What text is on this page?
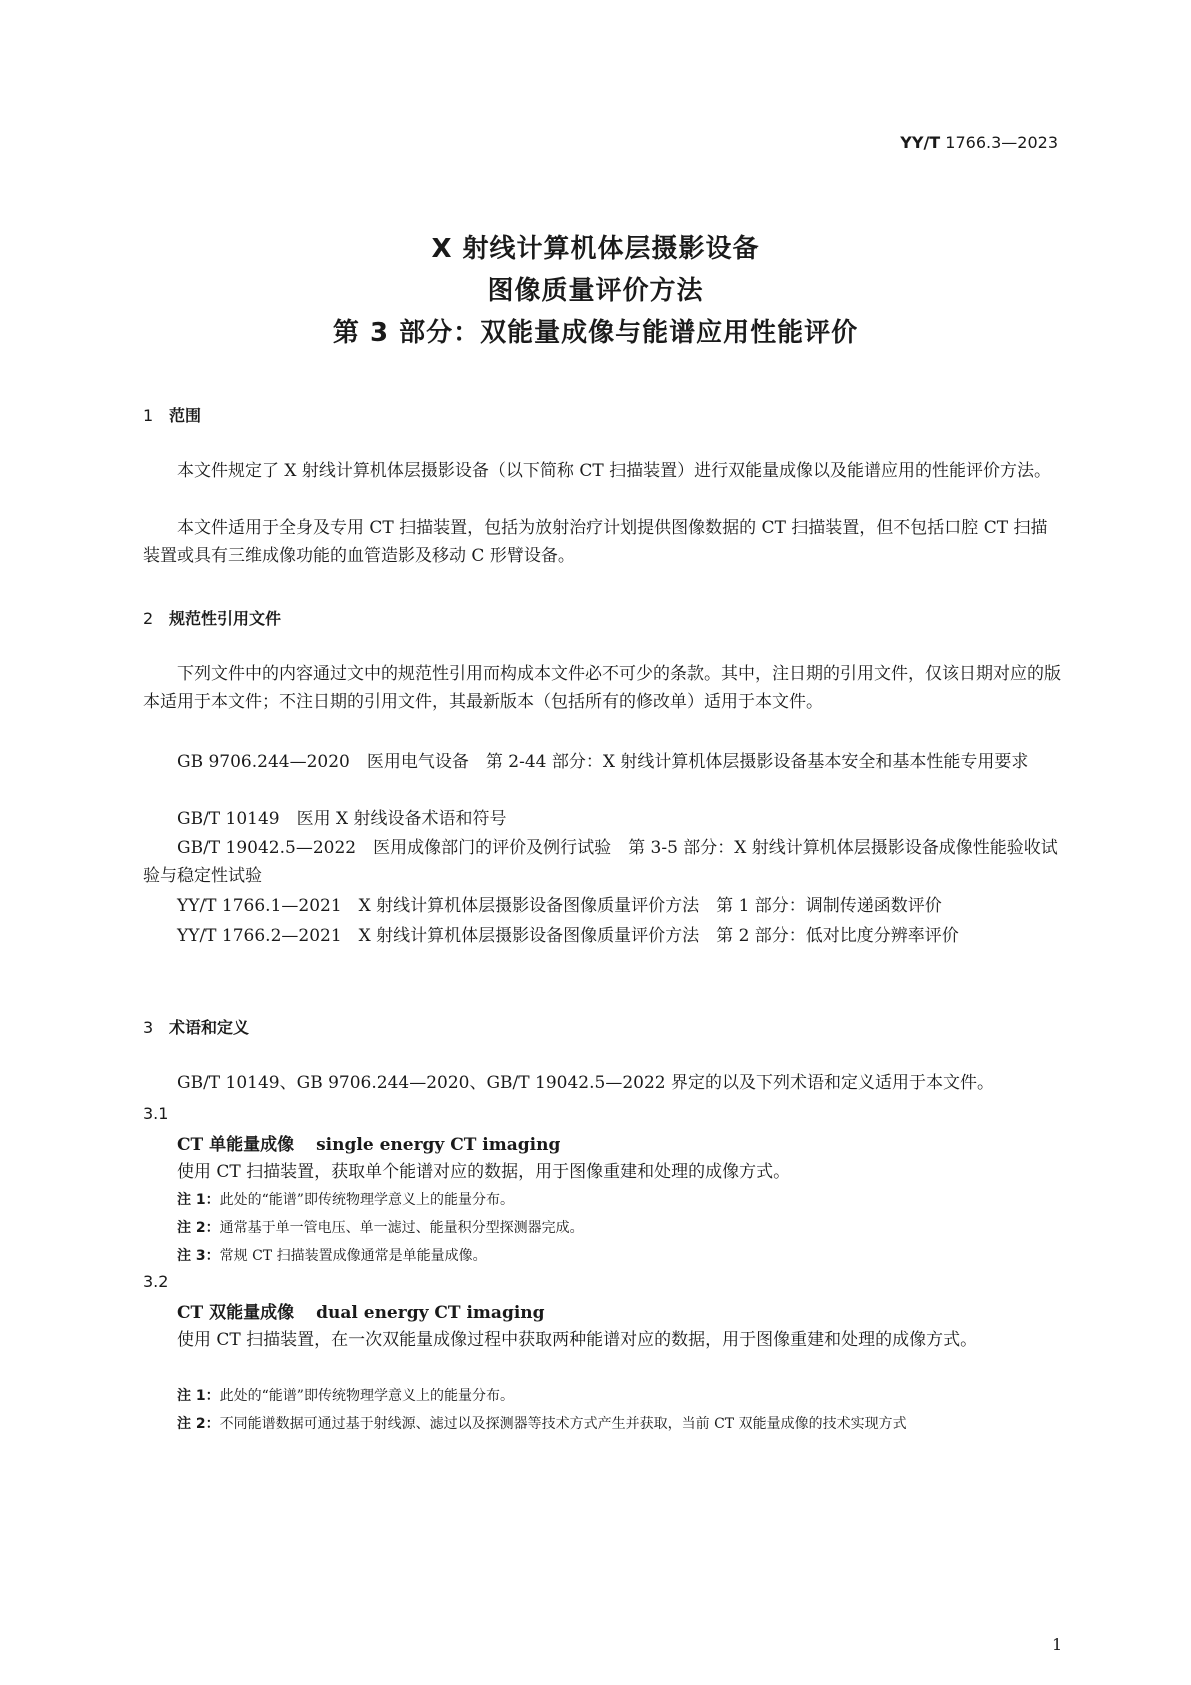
YY/T 1766.3—2023
X 射线计算机体层摄影设备
图像质量评价方法
第 3 部分：双能量成像与能谱应用性能评价
1 范围
本文件规定了 X 射线计算机体层摄影设备（以下简称 CT 扫描装置）进行双能量成像以及能谱应用的性能评价方法。
本文件适用于全身及专用 CT 扫描装置，包括为放射治疗计划提供图像数据的 CT 扫描装置，但不包括口腔 CT 扫描装置或具有三维成像功能的血管造影及移动 C 形臂设备。
2 规范性引用文件
下列文件中的内容通过文中的规范性引用而构成本文件必不可少的条款。其中，注日期的引用文件，仅该日期对应的版本适用于本文件；不注日期的引用文件，其最新版本（包括所有的修改单）适用于本文件。
GB 9706.244—2020　医用电气设备　第 2-44 部分：X 射线计算机体层摄影设备基本安全和基本性能专用要求
GB/T 10149　医用 X 射线设备术语和符号
GB/T 19042.5—2022　医用成像部门的评价及例行试验　第 3-5 部分：X 射线计算机体层摄影设备成像性能验收试验与稳定性试验
YY/T 1766.1—2021　X 射线计算机体层摄影设备图像质量评价方法　第 1 部分：调制传递函数评价
YY/T 1766.2—2021　X 射线计算机体层摄影设备图像质量评价方法　第 2 部分：低对比度分辨率评价
3 术语和定义
GB/T 10149、GB 9706.244—2020、GB/T 19042.5—2022 界定的以及下列术语和定义适用于本文件。
3.1
CT 单能量成像 single energy CT imaging
使用 CT 扫描装置，获取单个能谱对应的数据，用于图像重建和处理的成像方式。
注 1：此处的“能谱”即传统物理学意义上的能量分布。
注 2：通常基于单一管电压、单一滤过、能量积分型探测器完成。
注 3：常规 CT 扫描装置成像通常是单能量成像。
3.2
CT 双能量成像 dual energy CT imaging
使用 CT 扫描装置，在一次双能量成像过程中获取两种能谱对应的数据，用于图像重建和处理的成像方式。
注 1：此处的“能谱”即传统物理学意义上的能量分布。
注 2：不同能谱数据可通过基于射线源、滤过以及探测器等技术方式产生并获取，当前 CT 双能量成像的技术实现方式
1
